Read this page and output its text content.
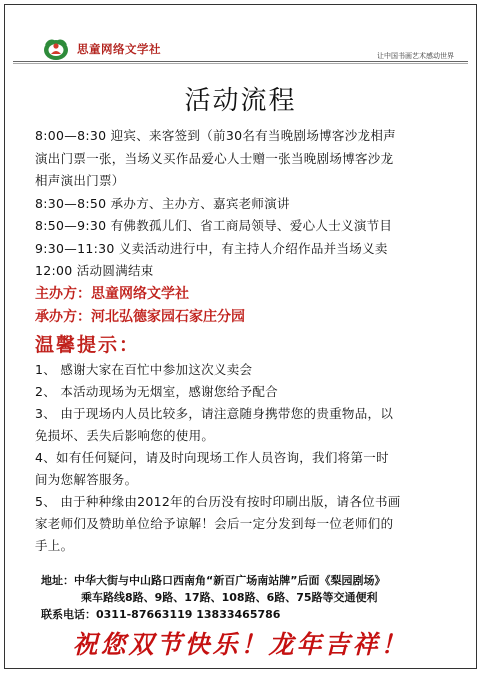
思童网络文学社	让中国书画艺术感动世界
活动流程
8:00—8:30 迎宾、来客签到（前30名有当晚剧场博客沙龙相声
演出门票一张，当场义买作品爱心人士赠一张当晚剧场博客沙龙
相声演出门票）
8:30—8:50 承办方、主办方、嘉宾老师演讲
8:50—9:30 有佛教孤儿们、省工商局领导、爱心人士义演节目
9:30—11:30 义卖活动进行中，有主持人介绍作品并当场义卖
12:00 活动圆满结束
主办方：思童网络文学社
承办方：河北弘德家园石家庄分园
温馨提示：
1、 感谢大家在百忙中参加这次义卖会
2、 本活动现场为无烟室，感谢您给予配合
3、 由于现场内人员比较多，请注意随身携带您的贵重物品，以
免损坏、丢失后影响您的使用。
4、如有任何疑问，请及时向现场工作人员咨询，我们将第一时
间为您解答服务。
5、 由于种种缘由2012年的台历没有按时印刷出版，请各位书画
家老师们及赞助单位给予谅解！会后一定分发到每一位老师们的
手上。
地址：中华大街与中山路口西南角“新百广场南站牌”后面《梨园剧场》
乘车路线8路、9路、17路、108路、6路、75路等交通便利
联系电话：0311-87663119 13833465786
祝您双节快乐！龙年吉祥！
